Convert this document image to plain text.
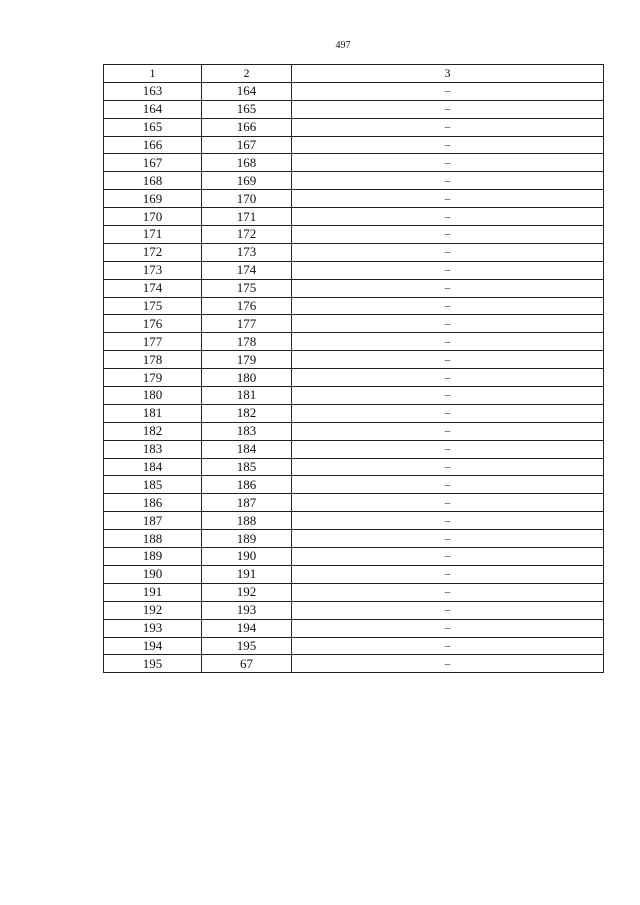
497
1	2	3
163	164	–
164	165	–
165	166	–
166	167	–
167	168	–
168	169	–
169	170	–
170	171	–
171	172	–
172	173	–
173	174	–
174	175	–
175	176	–
176	177	–
177	178	–
178	179	–
179	180	–
180	181	–
181	182	–
182	183	–
183	184	–
184	185	–
185	186	–
186	187	–
187	188	–
188	189	–
189	190	–
190	191	–
191	192	–
192	193	–
193	194	–
194	195	–
195	67	–
